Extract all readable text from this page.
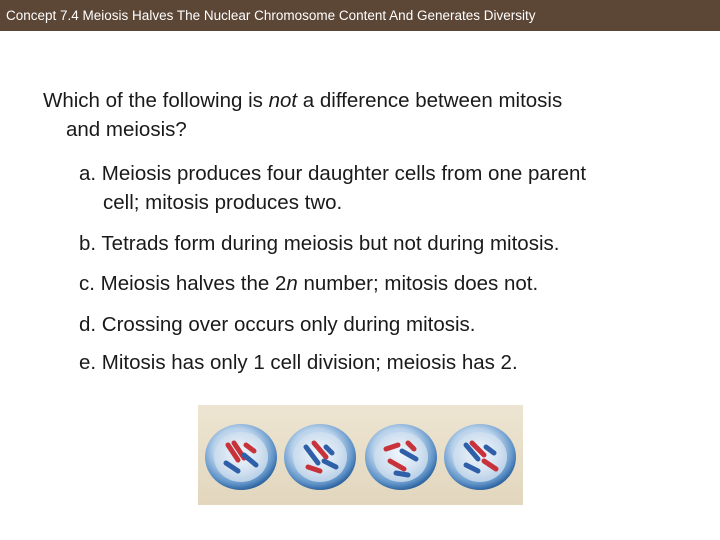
Concept 7.4 Meiosis Halves The Nuclear Chromosome Content And Generates Diversity
Which of the following is not a difference between mitosis
and meiosis?
a. Meiosis produces four daughter cells from one parent
cell; mitosis produces two.
b. Tetrads form during meiosis but not during mitosis.
c. Meiosis halves the 2n number; mitosis does not.
d. Crossing over occurs only during mitosis.
e. Mitosis has only 1 cell division; meiosis has 2.
